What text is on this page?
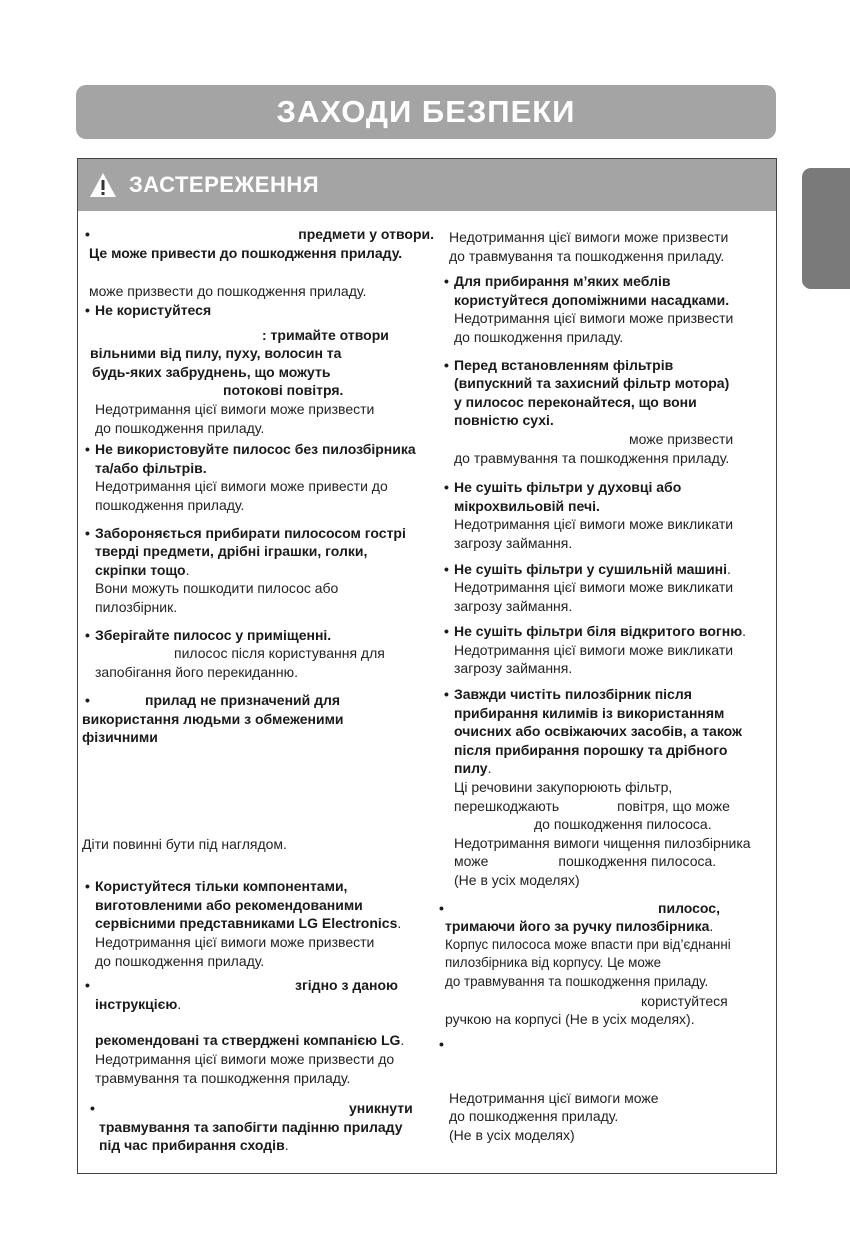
ЗАХОДИ БЕЗПЕКИ
ЗАСТЕРЕЖЕННЯ
•	предмети у отвори.
Це може привести до пошкодження приладу.
може призвести до пошкодження приладу.
• Не користуйтеся
: тримайте отвори
вільними від пилу, пуху, волосин та
будь-яких забруднень, що можуть
потокові повітря.
Недотримання цієї вимоги може призвести
до пошкодження приладу.
• Не використовуйте пилосос без пилозбірника
та/або фільтрів.
Недотримання цієї вимоги може привести до
пошкодження приладу.
• Забороняється прибирати пилососом гострі
тверді предмети, дрібні іграшки, голки,
скріпки тощо.
Вони можуть пошкодити пилосос або
пилозбірник.
• Зберігайте пилосос у приміщенні.
пилосос після користування для
запобігання його перекиданню.
•	прилад не призначений для
використання людьми з обмеженими
фізичними
Діти повинні бути під наглядом.
• Користуйтеся тільки компонентами,
виготовленими або рекомендованими
сервісними представниками LG Electronics.
Недотримання цієї вимоги може призвести
до пошкодження приладу.
•	згідно з даною
інструкцією.
рекомендовані та стверджені компанією LG.
Недотримання цієї вимоги може призвести до
травмування та пошкодження приладу.
•	уникнути
травмування та запобігти падінню приладу
під час прибирання сходів.
Недотримання цієї вимоги може призвести
до травмування та пошкодження приладу.
• Для прибирання м’яких меблів
користуйтеся допоміжними насадками.
Недотримання цієї вимоги може призвести
до пошкодження приладу.
• Перед встановленням фільтрів
(випускний та захисний фільтр мотора)
у пилосос переконайтеся, що вони
повністю сухі.
може призвести
до травмування та пошкодження приладу.
• Не сушіть фільтри у духовці або
мікрохвильовій печі.
Недотримання цієї вимоги може викликати
загрозу займання.
• Не сушіть фільтри у сушильній машині.
Недотримання цієї вимоги може викликати
загрозу займання.
• Не сушіть фільтри біля відкритого вогню.
Недотримання цієї вимоги може викликати
загрозу займання.
• Завжди чистіть пилозбірник після
прибирання килимів із використанням
очисних або освіжаючих засобів, а також
після прибирання порошку та дрібного
пилу.
Ці речовини закупорюють фільтр,
перешкоджають	повітря, що може
до пошкодження пилососа.
Недотримання вимоги чищення пилозбірника
може	пошкодження пилососа.
(Не в усіх моделях)
•	пилосос,
тримаючи його за ручку пилозбірника.
Корпус пилососа може впасти при від’єднанні
пилозбірника від корпусу. Це може
до травмування та пошкодження приладу.
користуйтеся
ручкою на корпусі (Не в усіх моделях).
•
Недотримання цієї вимоги може
до пошкодження приладу.
(Не в усіх моделях)
